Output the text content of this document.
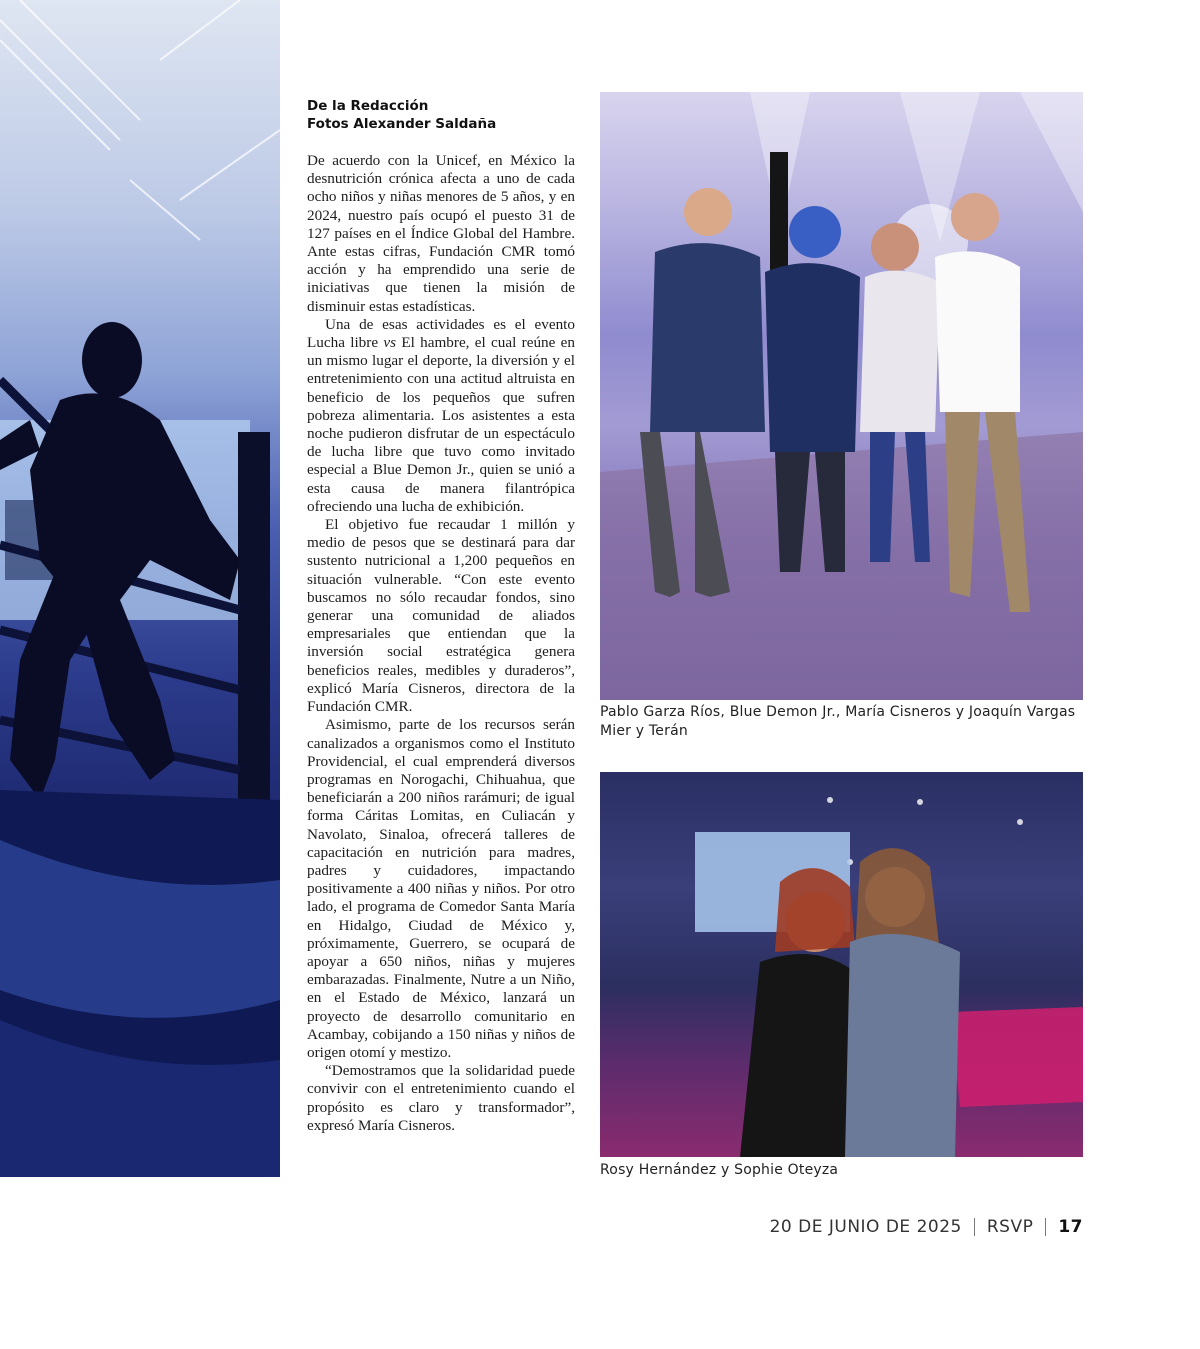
De la Redacción
Fotos Alexander Saldaña

De acuerdo con la Unicef, en México la desnutrición crónica afecta a uno de cada ocho niños y niñas menores de 5 años, y en 2024, nuestro país ocupó el puesto 31 de 127 países en el Índice Global del Hambre. Ante estas cifras, Fundación CMR tomó acción y ha emprendido una serie de iniciativas que tienen la misión de disminuir estas estadísticas.

Una de esas actividades es el evento Lucha libre vs El hambre, el cual reúne en un mismo lugar el deporte, la diversión y el entretenimiento con una actitud altruista en beneficio de los pequeños que sufren pobreza alimentaria. Los asistentes a esta noche pudieron disfrutar de un espectáculo de lucha libre que tuvo como invitado especial a Blue Demon Jr., quien se unió a esta causa de manera filantrópica ofreciendo una lucha de exhibición.

El objetivo fue recaudar 1 millón y medio de pesos que se destinará para dar sustento nutricional a 1,200 pequeños en situación vulnerable. “Con este evento buscamos no sólo recaudar fondos, sino generar una comunidad de aliados empresariales que entiendan que la inversión social estratégica genera beneficios reales, medibles y duraderos”, explicó María Cisneros, directora de la Fundación CMR.

Asimismo, parte de los recursos serán canalizados a organismos como el Instituto Providencial, el cual emprenderá diversos programas en Norogachi, Chihuahua, que beneficiarán a 200 niños rarámuri; de igual forma Cáritas Lomitas, en Culiacán y Navolato, Sinaloa, ofrecerá talleres de capacitación en nutrición para madres, padres y cuidadores, impactando positivamente a 400 niñas y niños. Por otro lado, el programa de Comedor Santa María en Hidalgo, Ciudad de México y, próximamente, Guerrero, se ocupará de apoyar a 650 niños, niñas y mujeres embarazadas. Finalmente, Nutre a un Niño, en el Estado de México, lanzará un proyecto de desarrollo comunitario en Acambay, cobijando a 150 niñas y niños de origen otomí y mestizo.

“Demostramos que la solidaridad puede convivir con el entretenimiento cuando el propósito es claro y transformador”, expresó María Cisneros.

Pablo Garza Ríos, Blue Demon Jr., María Cisneros y Joaquín Vargas Mier y Terán
Rosy Hernández y Sophie Oteyza
20 DE JUNIO DE 2025 RSVP 17
